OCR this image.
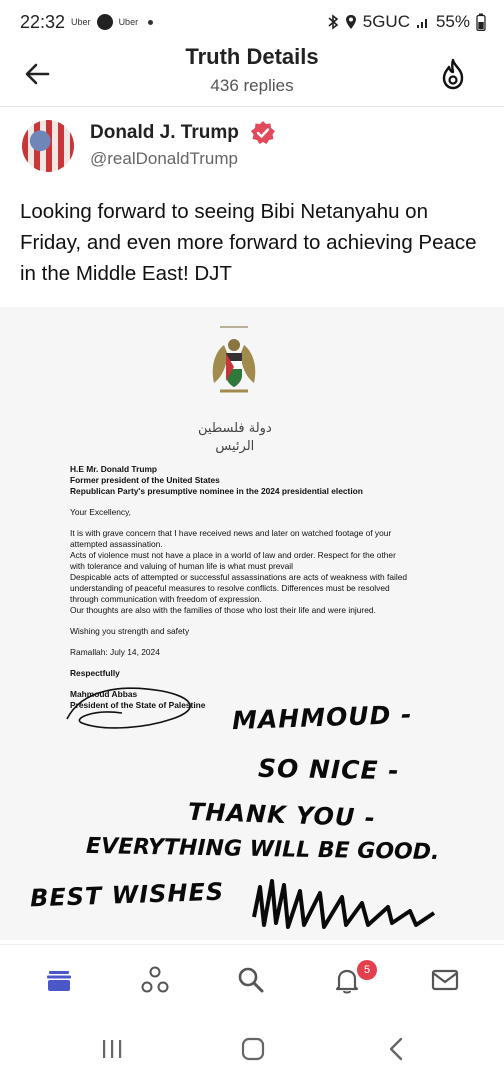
22:32 Uber	Uber	5GUC 55%
Truth Details
436 replies
Donald J. Trump
@realDonaldTrump
Looking forward to seeing Bibi Netanyahu on Friday, and even more forward to achieving Peace in the Middle East! DJT
دولة فلسطين
الرئيس
H.E Mr. Donald Trump
Former president of the United States
Republican Party's presumptive nominee in the 2024 presidential election
Your Excellency,
It is with grave concern that I have received news and later on watched footage of your attempted assassination.
Acts of violence must not have a place in a world of law and order. Respect for the other with tolerance and valuing of human life is what must prevail
Despicable acts of attempted or successful assassinations are acts of weakness with failed understanding of peaceful measures to resolve conflicts. Differences must be resolved through communication with freedom of expression.
Our thoughts are also with the families of those who lost their life and were injured.
Wishing you strength and safety
Ramallah: July 14, 2024
Respectfully
Mahmoud Abbas
President of the State of Palestine	MAHMOUD -
SO NICE -
THANK YOU -
EVERYTHING WILL BE GOOD.
BEST WISHES
5
